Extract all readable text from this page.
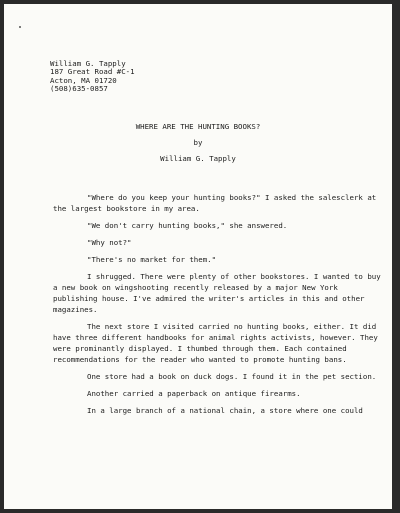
William G. Tapply
187 Great Road #C-1
Acton, MA 01720
(508)635-0857
WHERE ARE THE HUNTING BOOKS?
by
William G. Tapply

"Where do you keep your hunting books?" I asked the salesclerk at the largest bookstore in my area.

"We don't carry hunting books," she answered.

"Why not?"

"There's no market for them."

I shrugged. There were plenty of other bookstores. I wanted to buy a new book on wingshooting recently released by a major New York publishing house. I've admired the writer's articles in this and other magazines.

The next store I visited carried no hunting books, either. It did have three different handbooks for animal rights activists, however. They were prominantly displayed. I thumbed through them. Each contained recommendations for the reader who wanted to promote hunting bans.

One store had a book on duck dogs. I found it in the pet section.

Another carried a paperback on antique firearms.

In a large branch of a national chain, a store where one could
